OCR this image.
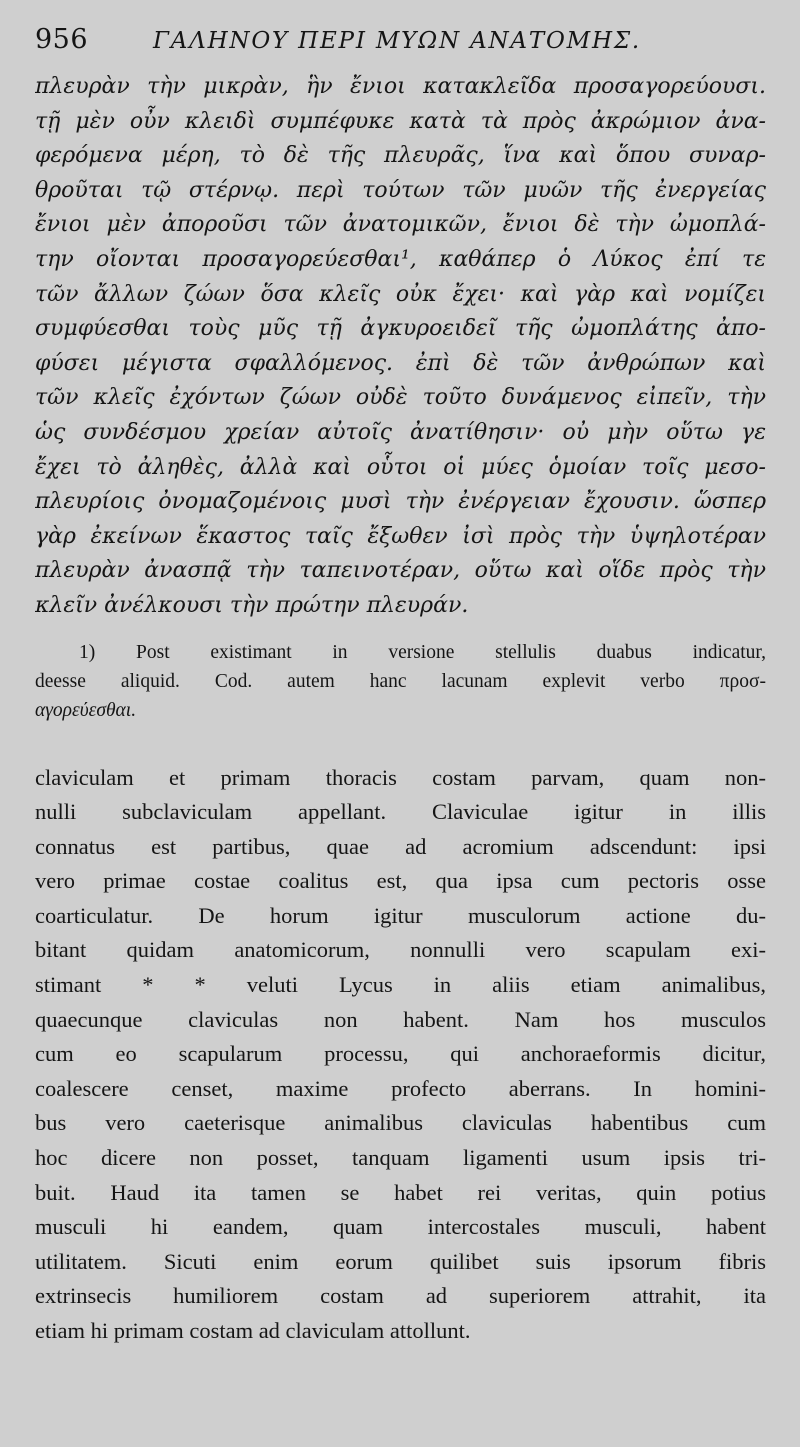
956	ΓΑΛΗΝΟΥ ΠΕΡΙ ΜΥΩΝ ΑΝΑΤΟΜΗΣ.
πλευρὰν τὴν μικρὰν, ἣν ἔνιοι κατακλεῖδα προσαγορεύουσι.
τῇ μὲν οὖν κλειδὶ συμπέφυκε κατὰ τὰ πρὸς ἀκρώμιον ἀνα-
φερόμενα μέρη, τὸ δὲ τῆς πλευρᾶς, ἵνα καὶ ὅπου συναρ-
θροῦται τῷ στέρνῳ. περὶ τούτων τῶν μυῶν τῆς ἐνεργείας
ἔνιοι μὲν ἀποροῦσι τῶν ἀνατομικῶν, ἔνιοι δὲ τὴν ὠμοπλά-
την οἴονται προσαγορεύεσθαι¹, καθάπερ ὁ Λύκος ἐπί τε
τῶν ἄλλων ζώων ὅσα κλεῖς οὐκ ἔχει· καὶ γὰρ καὶ νομίζει
συμφύεσθαι τοὺς μῦς τῇ ἀγκυροειδεῖ τῆς ὠμοπλάτης ἀπο-
φύσει μέγιστα σφαλλόμενος. ἐπὶ δὲ τῶν ἀνθρώπων καὶ
τῶν κλεῖς ἐχόντων ζώων οὐδὲ τοῦτο δυνάμενος εἰπεῖν, τὴν
ὡς συνδέσμου χρείαν αὐτοῖς ἀνατίθησιν· οὐ μὴν οὕτω γε
ἔχει τὸ ἀληθὲς, ἀλλὰ καὶ οὗτοι οἱ μύες ὁμοίαν τοῖς μεσο-
πλευρίοις ὀνομαζομένοις μυσὶ τὴν ἐνέργειαν ἔχουσιν. ὥσπερ
γὰρ ἐκείνων ἕκαστος ταῖς ἔξωθεν ἰσὶ πρὸς τὴν ὑψηλοτέραν
πλευρὰν ἀνασπᾷ τὴν ταπεινοτέραν, οὕτω καὶ οἵδε πρὸς τὴν
κλεῖν ἀνέλκουσι τὴν πρώτην πλευράν.
1) Post existimant in versione stellulis duabus indicatur,
deesse aliquid. Cod. autem hanc lacunam explevit verbo προσ-
αγορεύεσθαι.
claviculam et primam thoracis costam parvam, quam non-
nulli subclaviculam appellant. Claviculae igitur in illis
connatus est partibus, quae ad acromium adscendunt: ipsi
vero primae costae coalitus est, qua ipsa cum pectoris osse
coarticulatur. De horum igitur musculorum actione du-
bitant quidam anatomicorum, nonnulli vero scapulam exi-
stimant * * veluti Lycus in aliis etiam animalibus,
quaecunque claviculas non habent. Nam hos musculos
cum eo scapularum processu, qui anchoraeformis dicitur,
coalescere censet, maxime profecto aberrans. In homini-
bus vero caeterisque animalibus claviculas habentibus cum
hoc dicere non posset, tanquam ligamenti usum ipsis tri-
buit. Haud ita tamen se habet rei veritas, quin potius
musculi hi eandem, quam intercostales musculi, habent
utilitatem. Sicuti enim eorum quilibet suis ipsorum fibris
extrinsecis humiliorem costam ad superiorem attrahit, ita
etiam hi primam costam ad claviculam attollunt.
